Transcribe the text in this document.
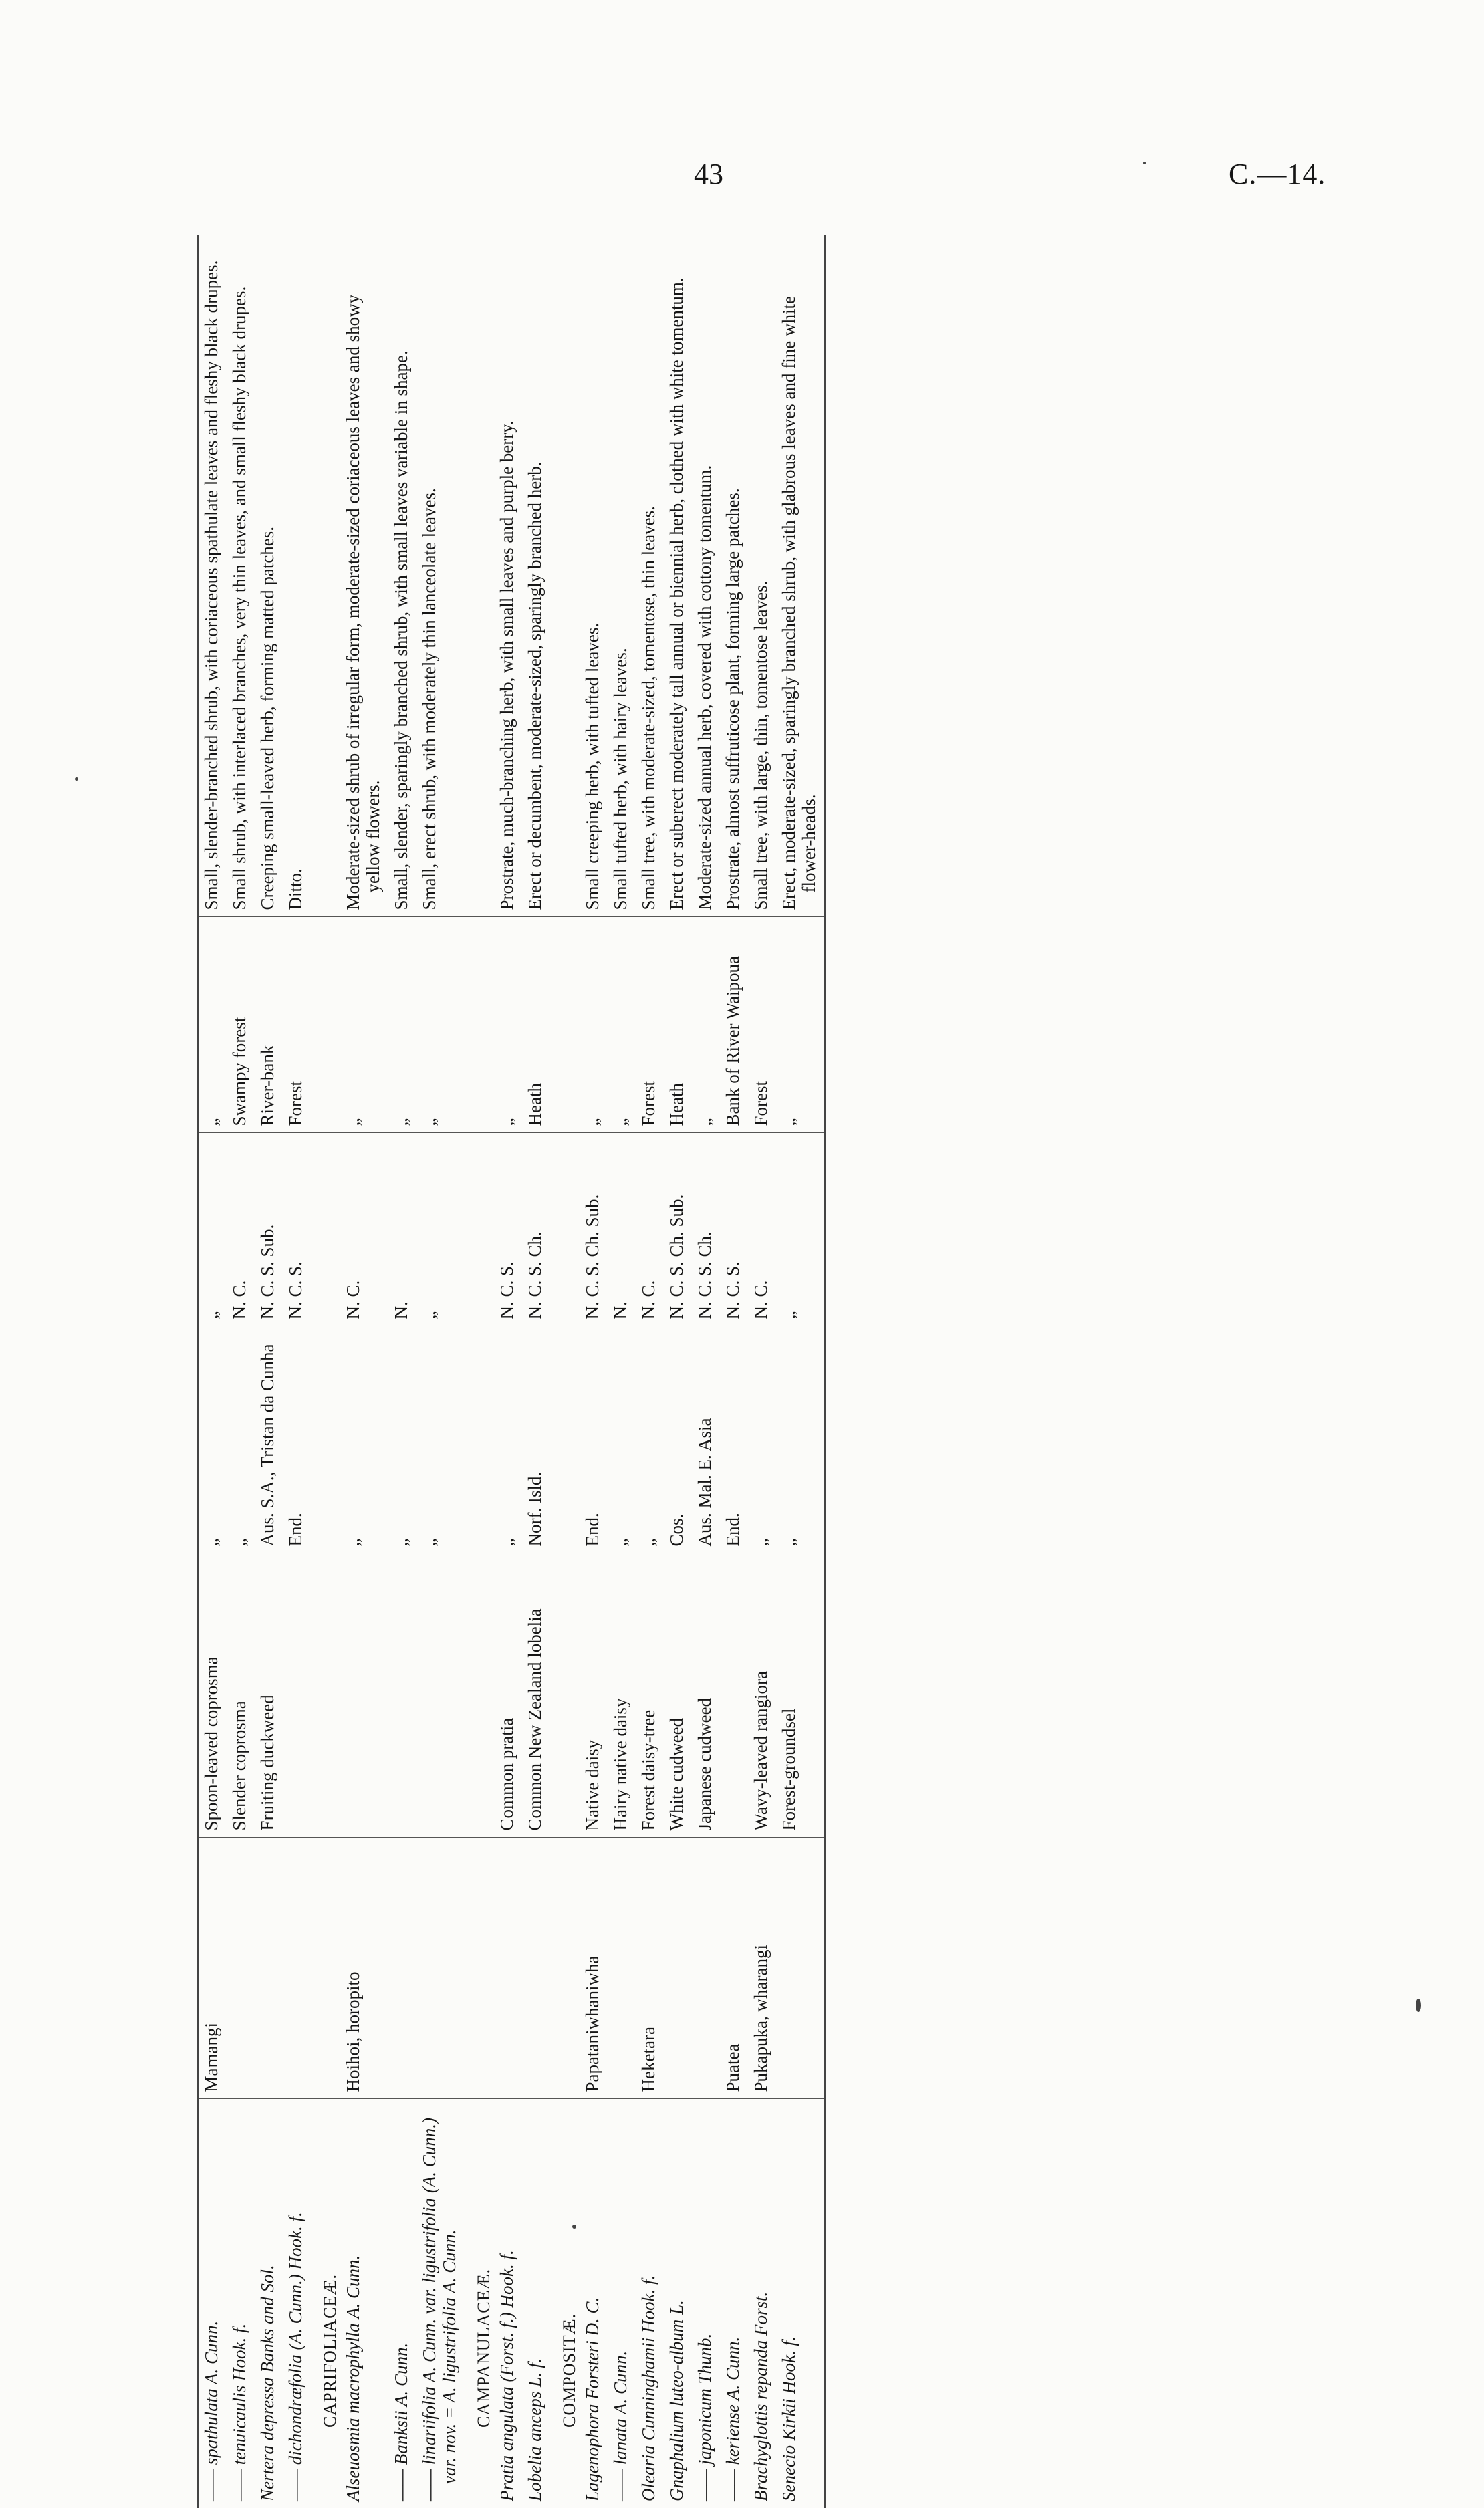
43	C.—14.
—— spathulata A. Cunn.	Mamangi	Spoon-leaved coprosma	„	„	„	Small, slender-branched shrub, with coriaceous spathulate leaves and fleshy black drupes.
—— tenuicaulis Hook. f.		Slender coprosma	„	N. C.	Swampy forest	Small shrub, with interlaced branches, very thin leaves, and small fleshy black drupes.
Nertera depressa Banks and Sol.		Fruiting duckweed	Aus. S.A., Tristan da Cunha	N. C. S. Sub.	River-bank	Creeping small-leaved herb, forming matted patches.
—— dichondræfolia (A. Cunn.) Hook. f.			End.	N. C. S.	Forest	Ditto.
CAPRIFOLIACEÆ.						
Alseuosmia macrophylla A. Cunn.	Hoihoi, horopito		„	N. C.	„	Moderate-sized shrub of irregular form, moderate-sized coriaceous leaves and showy yellow flowers.
—— Banksii A. Cunn.			„	N.	„	Small, slender, sparingly branched shrub, with small leaves variable in shape.
—— linariifolia A. Cunn. var. ligustrifolia (A. Cunn.) var. nov. = A. ligustrifolia A. Cunn.			„	„	„	Small, erect shrub, with moderately thin lanceolate leaves.
CAMPANULACEÆ.						
Pratia angulata (Forst. f.) Hook. f.		Common pratia	„	N. C. S.	„	Prostrate, much-branching herb, with small leaves and purple berry.
Lobelia anceps L. f.		Common New Zealand lobelia	Norf. Isld.	N. C. S. Ch.	Heath	Erect or decumbent, moderate-sized, sparingly branched herb.
COMPOSITÆ.						
Lagenophora Forsteri D. C.	Papataniwhaniwha	Native daisy	End.	N. C. S. Ch. Sub.	„	Small creeping herb, with tufted leaves.
—— lanata A. Cunn.		Hairy native daisy	„	N.	„	Small tufted herb, with hairy leaves.
Olearia Cunninghamii Hook. f.	Heketara	Forest daisy-tree	„	N. C.	Forest	Small tree, with moderate-sized, tomentose, thin leaves.
Gnaphalium luteo-album L.		White cudweed	Cos.	N. C. S. Ch. Sub.	Heath	Erect or suberect moderately tall annual or biennial herb, clothed with white tomentum.
—— japonicum Thunb.		Japanese cudweed	Aus. Mal. E. Asia	N. C. S. Ch.	„	Moderate-sized annual herb, covered with cottony tomentum.
—— keriense A. Cunn.	Puatea		End.	N. C. S.	Bank of River Waipoua	Prostrate, almost suffruticose plant, forming large patches.
Brachyglottis repanda Forst.	Pukapuka, wharangi	Wavy-leaved rangiora	„	N. C.	Forest	Small tree, with large, thin, tomentose leaves.
Senecio Kirkii Hook. f.		Forest-groundsel	„	„	„	Erect, moderate-sized, sparingly branched shrub, with glabrous leaves and fine white flower-heads.
